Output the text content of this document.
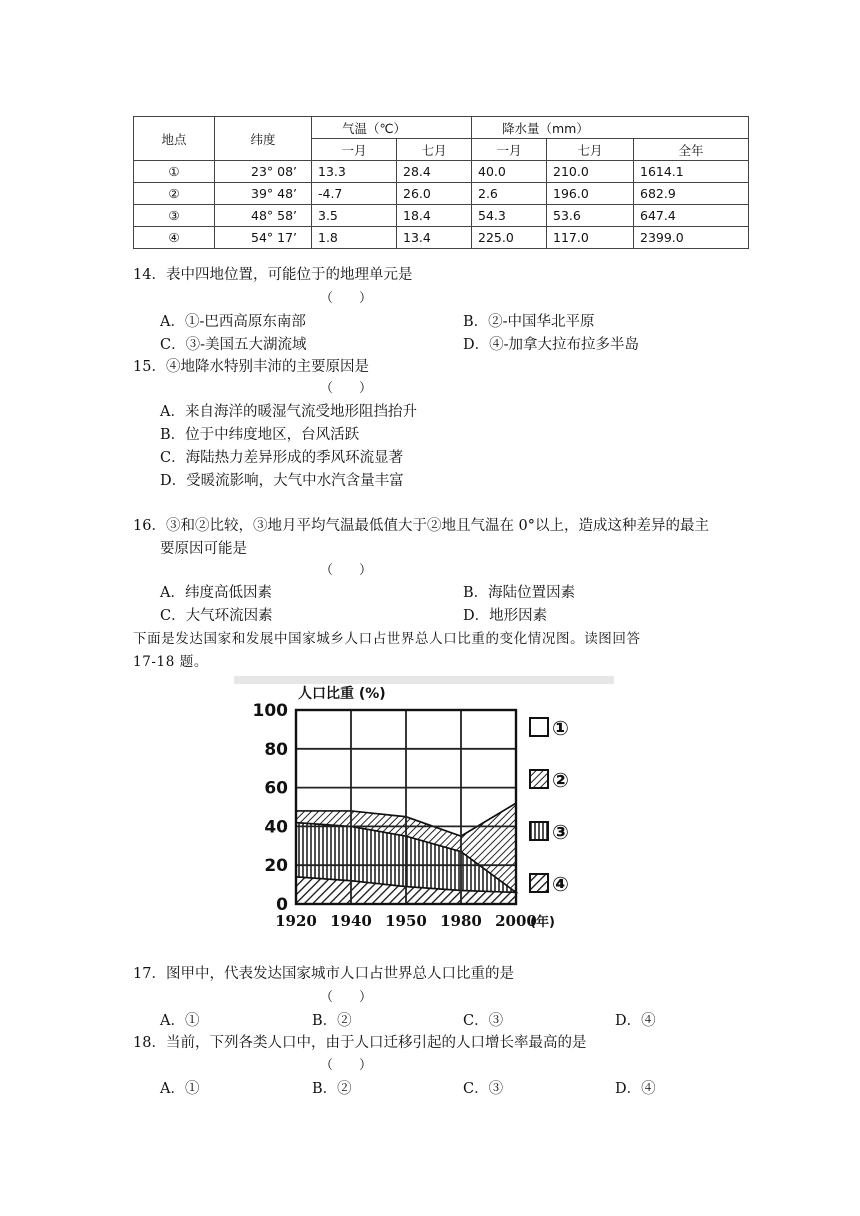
地点	纬度	气温（℃）		降水量（mm）		
		一月	七月	一月	七月	全年
①	23° 08’	13.3	28.4	40.0	210.0	1614.1
②	39° 48’	-4.7	26.0	2.6	196.0	682.9
③	48° 58’	3.5	18.4	54.3	53.6	647.4
④	54° 17’	1.8	13.4	225.0	117.0	2399.0
14．表中四地位置，可能位于的地理单元是
（　　）
A．①-巴西高原东南部	B．②-中国华北平原
C．③-美国五大湖流域	D．④-加拿大拉布拉多半岛
15．④地降水特别丰沛的主要原因是
（　　）
A．来自海洋的暖湿气流受地形阻挡抬升
B．位于中纬度地区，台风活跃
C．海陆热力差异形成的季风环流显著
D．受暖流影响，大气中水汽含量丰富
16．③和②比较，③地月平均气温最低值大于②地且气温在 0°以上，造成这种差异的最主
要原因可能是
（　　）
A．纬度高低因素	B．海陆位置因素
C．大气环流因素	D．地形因素
下面是发达国家和发展中国家城乡人口占世界总人口比重的变化情况图。读图回答
17-18 题。
人口比重 (%)
100
80
60
40
20
0
1920 1940 1950 1980 2000
(年)
①
②
③
④
17．图甲中，代表发达国家城市人口占世界总人口比重的是
（　　）
A．①	B．②	C．③	D．④
18．当前，下列各类人口中，由于人口迁移引起的人口增长率最高的是
（　　）
A．①	B．②	C．③	D．④
